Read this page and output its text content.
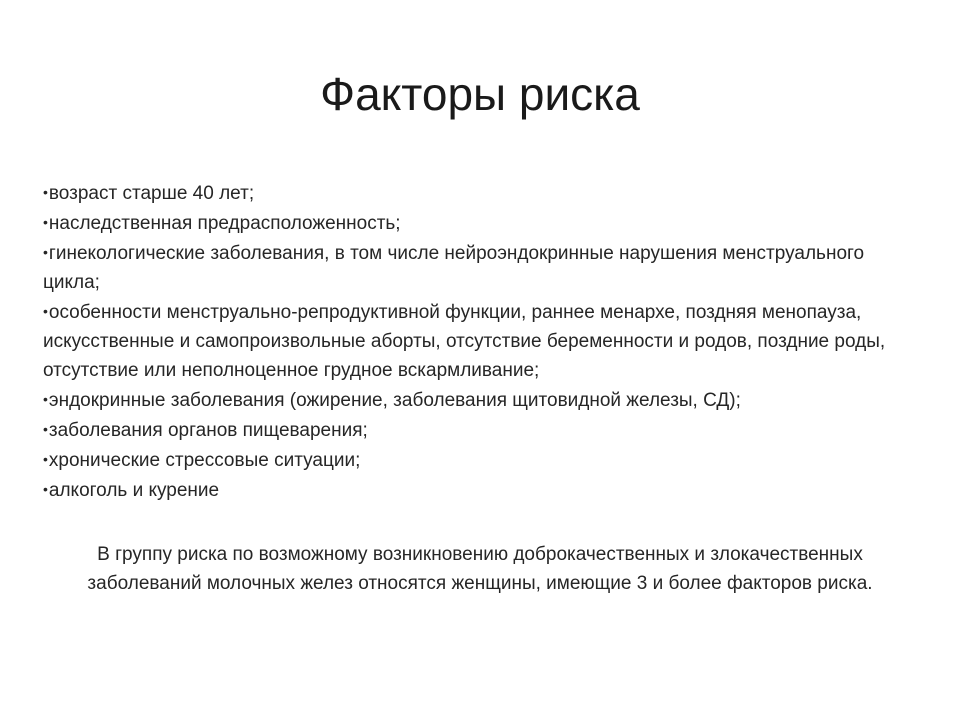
Факторы риска
•возраст старше 40 лет;
•наследственная предрасположенность;
•гинекологические заболевания, в том числе нейроэндокринные нарушения менструального цикла;
•особенности менструально-репродуктивной функции, раннее менархе, поздняя менопауза, искусственные и самопроизвольные аборты, отсутствие беременности и родов, поздние роды, отсутствие или неполноценное грудное вскармливание;
•эндокринные заболевания (ожирение, заболевания щитовидной железы, СД);
•заболевания органов пищеварения;
•хронические стрессовые ситуации;
•алкоголь и курение

В группу риска по возможному возникновению доброкачественных и злокачественных заболеваний молочных желез относятся женщины, имеющие 3 и более факторов риска.
